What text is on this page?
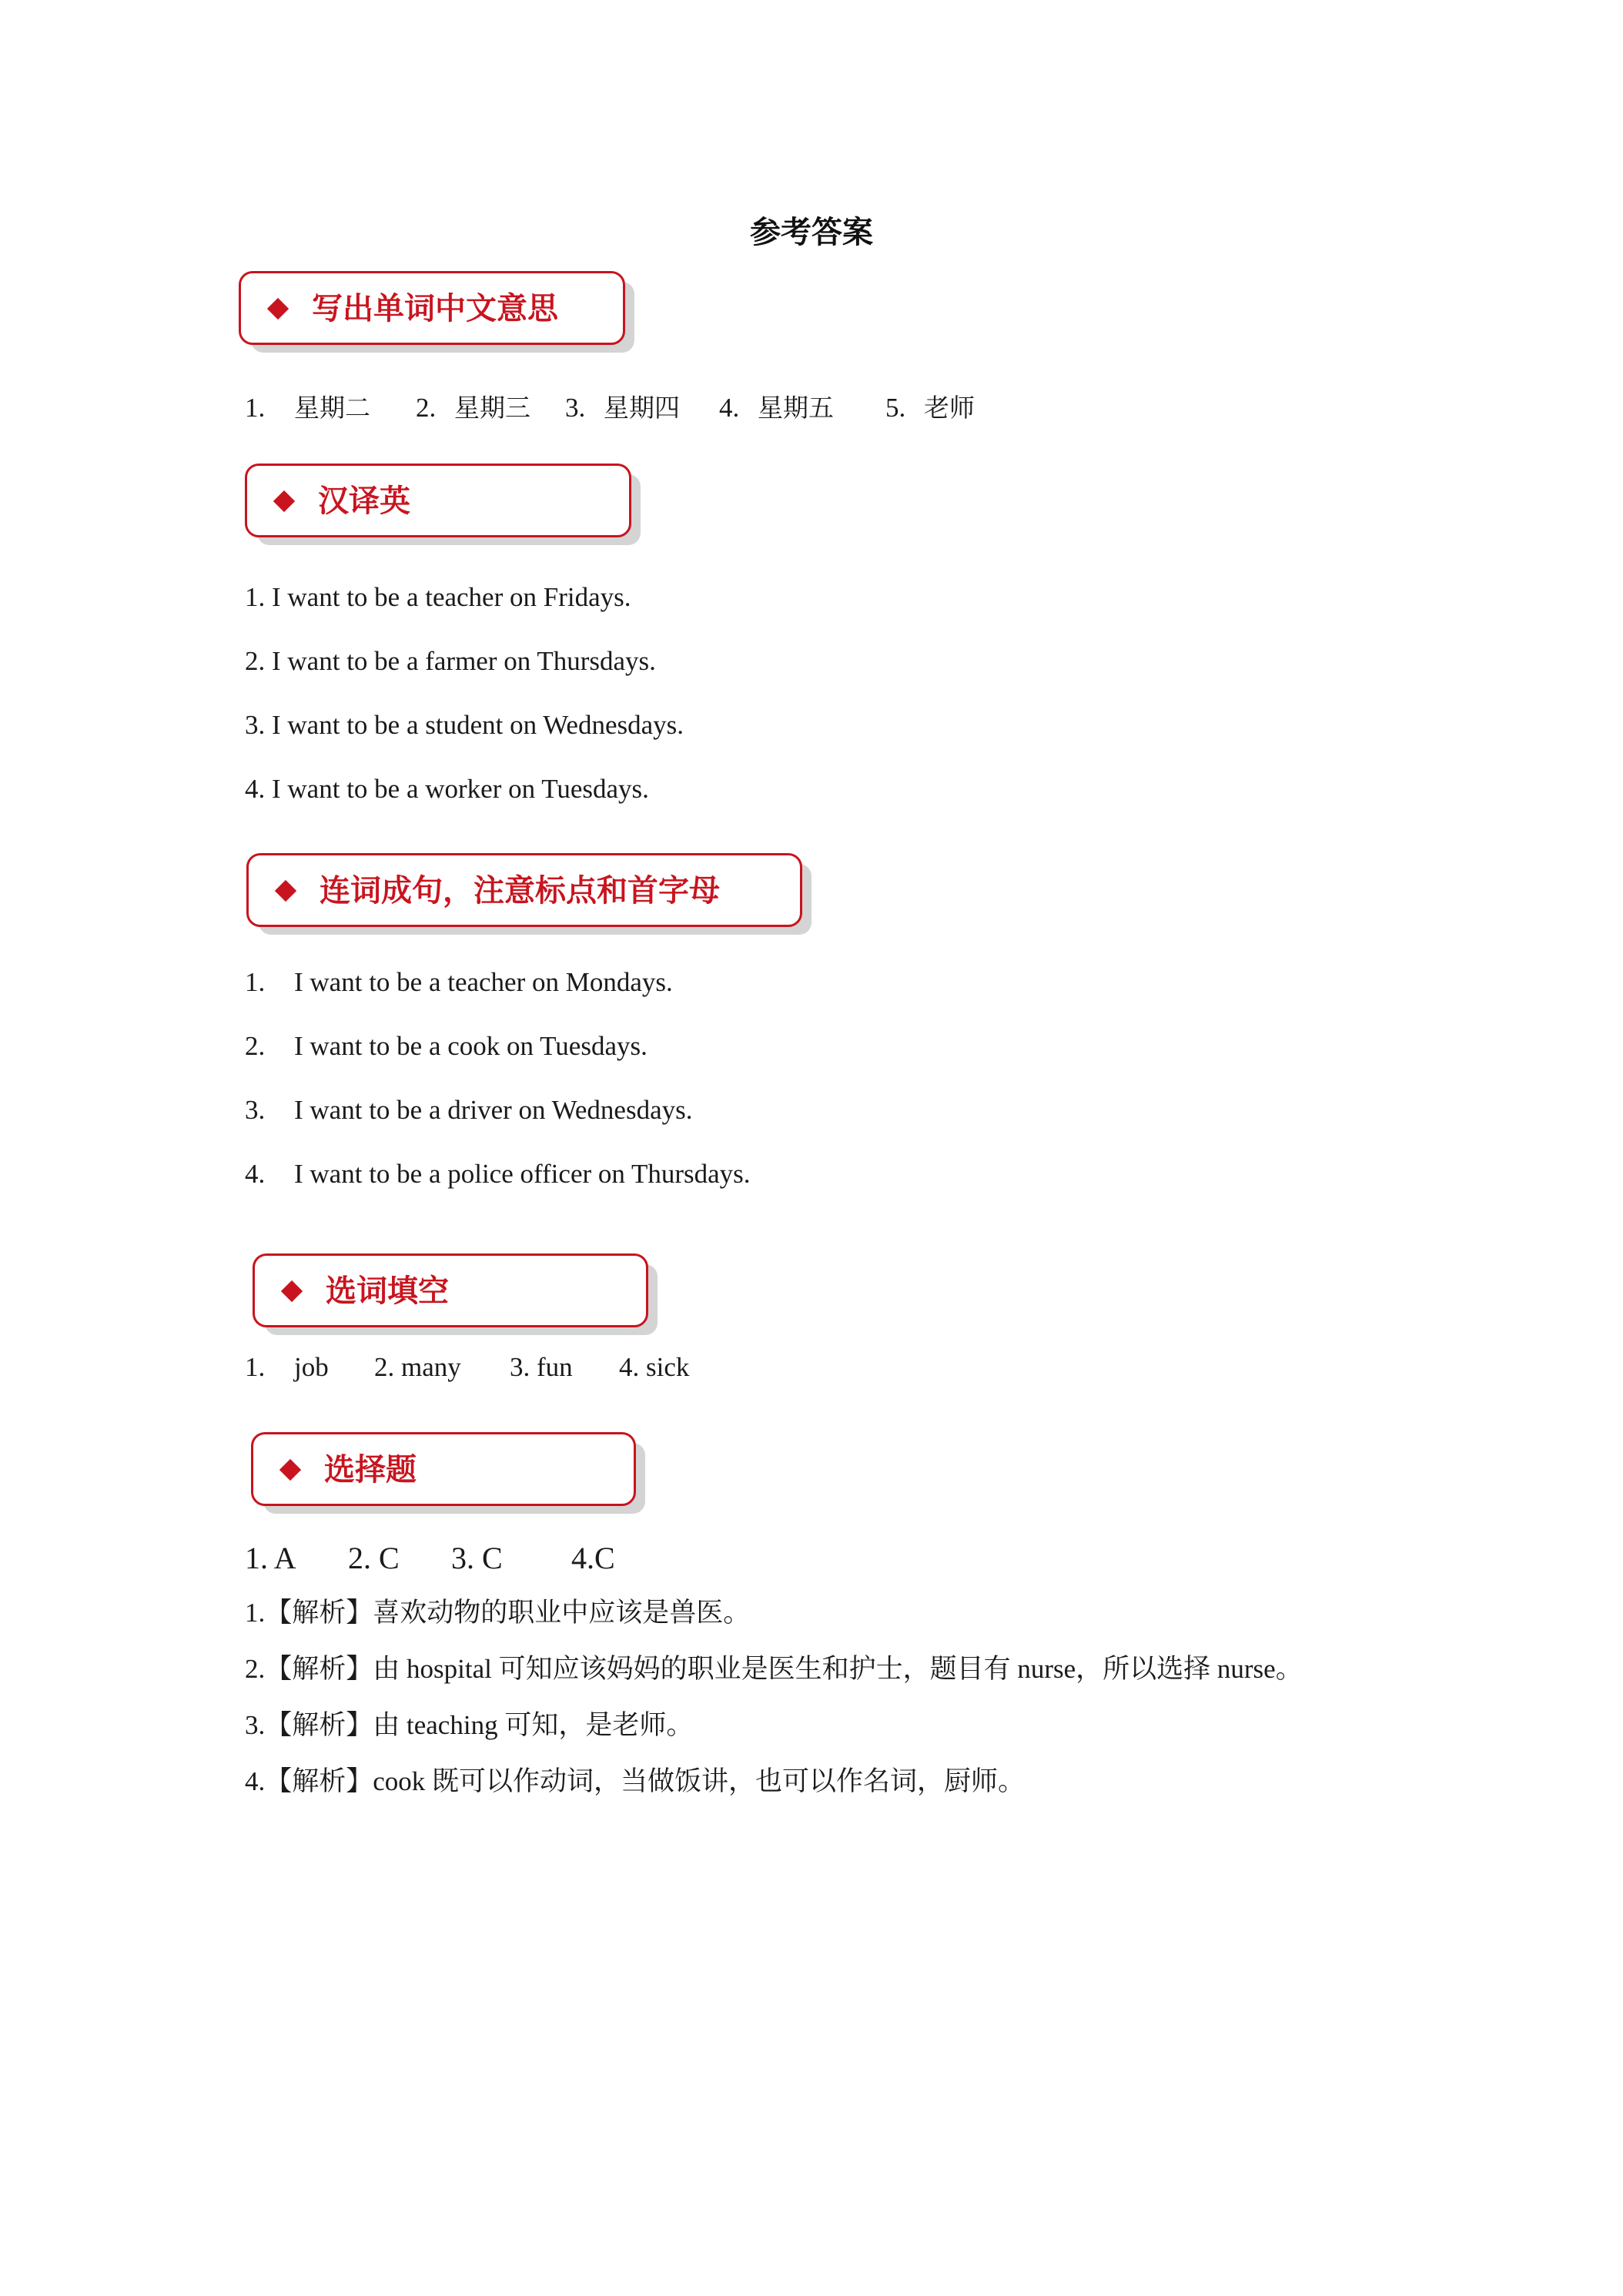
参考答案
写出单词中文意思
1. 星期二 2. 星期三 3. 星期四 4. 星期五 5. 老师
汉译英
1. I want to be a teacher on Fridays.
2. I want to be a farmer on Thursdays.
3. I want to be a student on Wednesdays.
4. I want to be a worker on Tuesdays.
连词成句，注意标点和首字母
1. I want to be a teacher on Mondays.
2. I want to be a cook on Tuesdays.
3. I want to be a driver on Wednesdays.
4. I want to be a police officer on Thursdays.
选词填空
1. job 2. many 3. fun 4. sick
选择题
1. A 2. C 3. C 4.C
1.【解析】喜欢动物的职业中应该是兽医。
2.【解析】由 hospital 可知应该妈妈的职业是医生和护士，题目有 nurse，所以选择 nurse。
3.【解析】由 teaching 可知，是老师。
4.【解析】cook 既可以作动词，当做饭讲，也可以作名词，厨师。
